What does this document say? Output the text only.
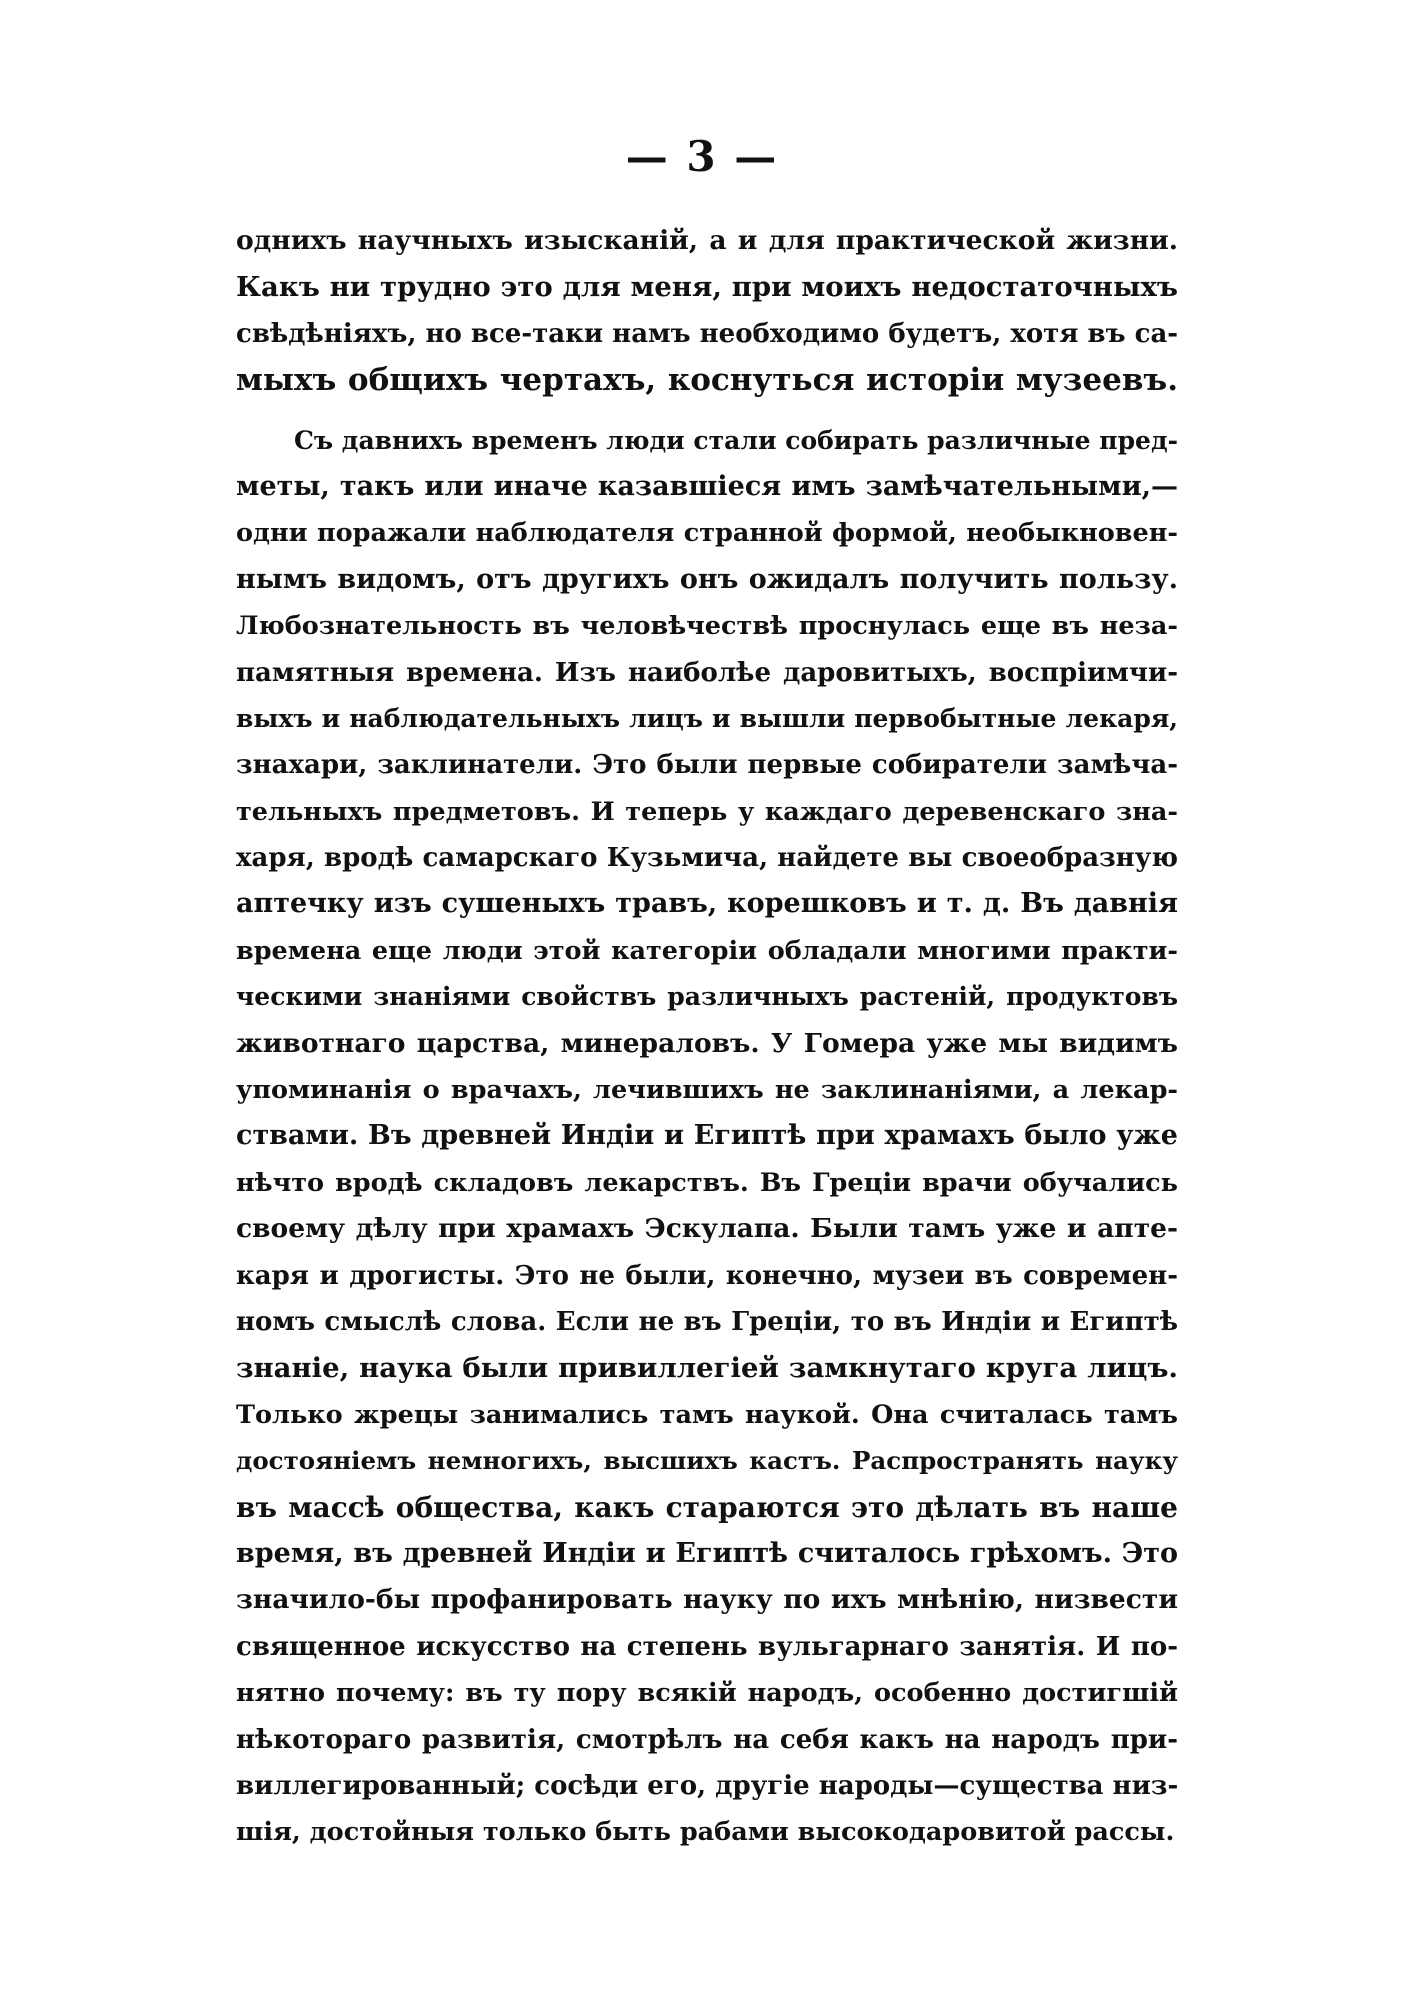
— 3 —
однихъ научныхъ изысканій, а и для практической жизни.
Какъ ни трудно это для меня, при моихъ недостаточныхъ
свѣдѣніяхъ, но все-таки намъ необходимо будетъ, хотя въ са-
мыхъ общихъ чертахъ, коснуться исторіи музеевъ.
Съ давнихъ временъ люди стали собирать различные пред-
меты, такъ или иначе казавшіеся имъ замѣчательными,—
одни поражали наблюдателя странной формой, необыкновен-
нымъ видомъ, отъ другихъ онъ ожидалъ получить пользу.
Любознательность въ человѣчествѣ проснулась еще въ неза-
памятныя времена. Изъ наиболѣе даровитыхъ, воспріимчи-
выхъ и наблюдательныхъ лицъ и вышли первобытные лекаря,
знахари, заклинатели. Это были первые собиратели замѣча-
тельныхъ предметовъ. И теперь у каждаго деревенскаго зна-
харя, вродѣ самарскаго Кузьмича, найдете вы своеобразную
аптечку изъ сушеныхъ травъ, корешковъ и т. д. Въ давнія
времена еще люди этой категоріи обладали многими практи-
ческими знаніями свойствъ различныхъ растеній, продуктовъ
животнаго царства, минераловъ. У Гомера уже мы видимъ
упоминанія о врачахъ, лечившихъ не заклинаніями, а лекар-
ствами. Въ древней Индіи и Египтѣ при храмахъ было уже
нѣчто вродѣ складовъ лекарствъ. Въ Греціи врачи обучались
своему дѣлу при храмахъ Эскулапа. Были тамъ уже и апте-
каря и дрогисты. Это не были, конечно, музеи въ современ-
номъ смыслѣ слова. Если не въ Греціи, то въ Индіи и Египтѣ
знаніе, наука были привиллегіей замкнутаго круга лицъ.
Только жрецы занимались тамъ наукой. Она считалась тамъ
достояніемъ немногихъ, высшихъ кастъ. Распространять науку
въ массѣ общества, какъ стараются это дѣлать въ наше
время, въ древней Индіи и Египтѣ считалось грѣхомъ. Это
значило-бы профанировать науку по ихъ мнѣнію, низвести
священное искусство на степень вульгарнаго занятія. И по-
нятно почему: въ ту пору всякій народъ, особенно достигшій
нѣкотораго развитія, смотрѣлъ на себя какъ на народъ при-
виллегированный; сосѣди его, другіе народы—существа низ-
шія, достойныя только быть рабами высокодаровитой рассы.
